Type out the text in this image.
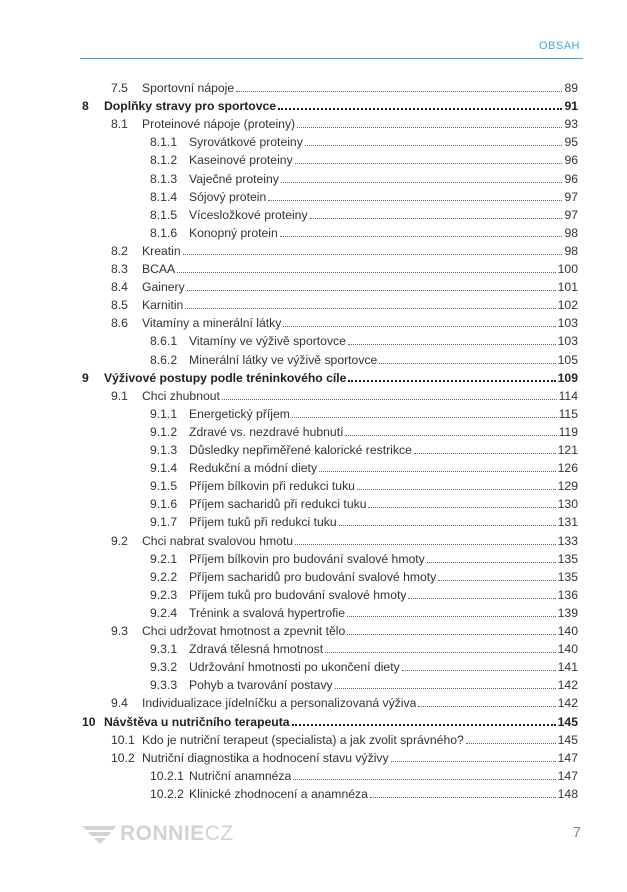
OBSAH
7.5	Sportovní nápoje	89
8	Doplňky stravy pro sportovce	91
8.1	Proteinové nápoje (proteiny)	93
8.1.1 Syrovátkové proteiny	95
8.1.2 Kaseinové proteiny	96
8.1.3 Vaječné proteiny	96
8.1.4 Sójový protein	97
8.1.5 Vícesložkové proteiny	97
8.1.6 Konopný protein	98
8.2	Kreatin	98
8.3	BCAA	100
8.4	Gainery	101
8.5	Karnitin	102
8.6	Vitamíny a minerální látky	103
8.6.1 Vitamíny ve výživě sportovce	103
8.6.2 Minerální látky ve výživě sportovce	105
9	Výživové postupy podle tréninkového cíle	109
9.1	Chci zhubnout	114
9.1.1 Energetický příjem	115
9.1.2 Zdravé vs. nezdravé hubnutí	119
9.1.3 Důsledky nepřiměřené kalorické restrikce	121
9.1.4 Redukční a módní diety	126
9.1.5 Příjem bílkovin při redukci tuku	129
9.1.6 Příjem sacharidů při redukci tuku	130
9.1.7 Příjem tuků při redukci tuku	131
9.2	Chci nabrat svalovou hmotu	133
9.2.1 Příjem bílkovin pro budování svalové hmoty	135
9.2.2 Příjem sacharidů pro budování svalové hmoty	135
9.2.3 Příjem tuků pro budování svalové hmoty	136
9.2.4 Trénink a svalová hypertrofie	139
9.3	Chci udržovat hmotnost a zpevnit tělo	140
9.3.1 Zdravá tělesná hmotnost	140
9.3.2 Udržování hmotnosti po ukončení diety	141
9.3.3 Pohyb a tvarování postavy	142
9.4	Individualizace jídelníčku a personalizovaná výživa	142
10 Návštěva u nutričního terapeuta	145
10.1 Kdo je nutriční terapeut (specialista) a jak zvolit správného?	145
10.2 Nutriční diagnostika a hodnocení stavu výživy	147
10.2.1 Nutriční anamnéza	147
10.2.2 Klinické zhodnocení a anamnéza	148
RONNIE CZ	7
